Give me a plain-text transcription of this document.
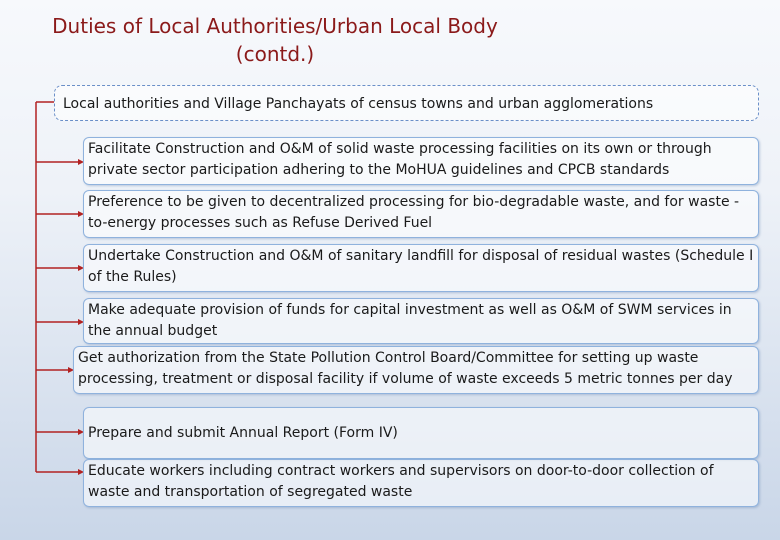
Duties of Local Authorities/Urban Local Body
(contd.)
Local authorities and Village Panchayats of census towns and urban agglomerations
Facilitate Construction and O&M of solid waste processing facilities on its own or through private sector participation adhering to the MoHUA guidelines and CPCB standards
Preference to be given to decentralized processing for bio-degradable waste, and for waste -to-energy processes such as Refuse Derived Fuel
Undertake Construction and O&M of sanitary landfill for disposal of residual wastes (Schedule I of the Rules)
Make adequate provision of funds for capital investment as well as O&M of SWM services in the annual budget
Get authorization from the State Pollution Control Board/Committee for setting up waste processing, treatment or disposal facility if volume of waste exceeds 5 metric tonnes per day
Prepare and submit Annual Report (Form IV)
Educate workers including contract workers and supervisors on door-to-door collection of waste and transportation of segregated waste
